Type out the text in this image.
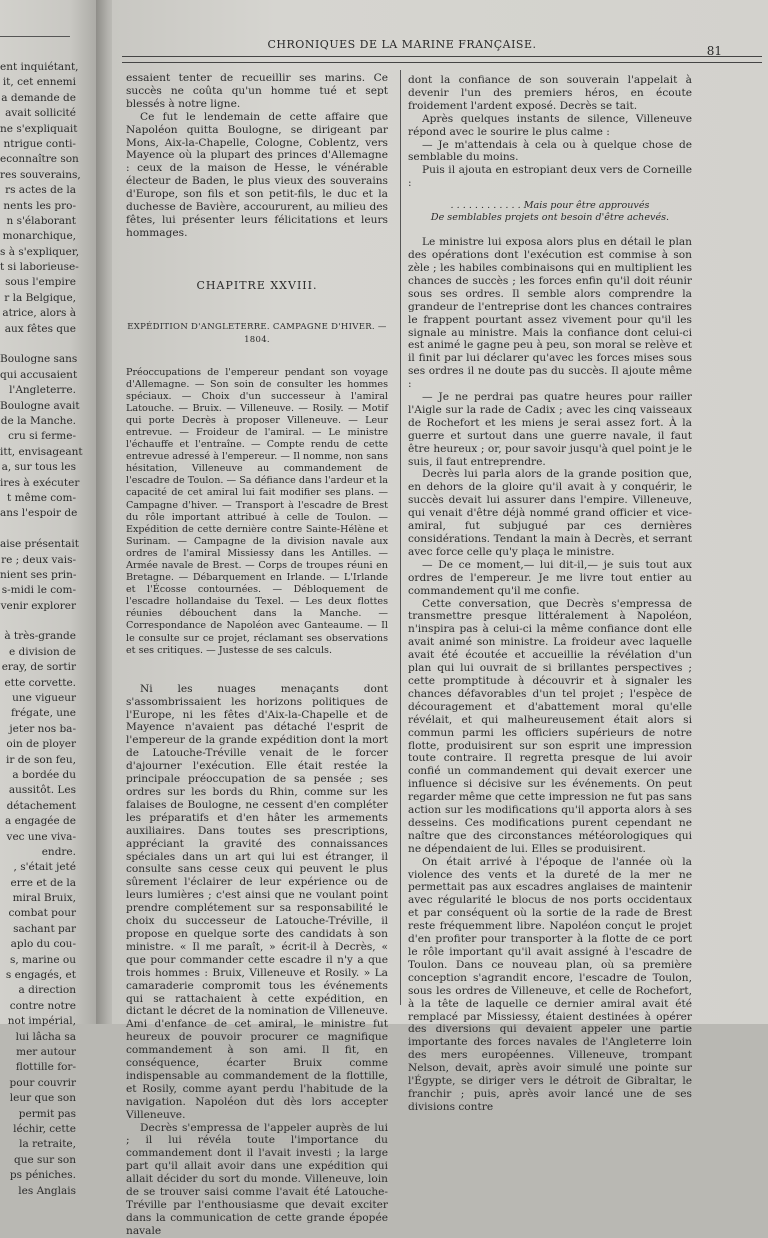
ent inquiétant,
it, cet ennemi
a demande de
avait sollicité
ne s'expliquait
ntrigue conti-
econnaître son
res souverains,
rs actes de la
nents les pro-
n s'élaborant
monarchique,
s à s'expliquer,
t si laborieuse-
sous l'empire
r la Belgique,
atrice, alors à
aux fêtes que

Boulogne sans
qui accusaient
l'Angleterre.
Boulogne avait
de la Manche.
cru si ferme-
itt, envisageant
a, sur tous les
ires à exécuter
t même com-
ans l'espoir de

aise présentait
re ; deux vais-
nient ses prin-
s-midi le com-
venir explorer

à très-grande
e division de
eray, de sortir
ette corvette.
une vigueur
frégate, une
jeter nos ba-
oin de ployer
ir de son feu,
a bordée du
aussitôt. Les
détachement
a engagée de
vec une viva-
endre.
, s'était jeté
erre et de la
miral Bruix,
combat pour
sachant par
aplo du cou-
s, marine ou
s engagés, et
a direction
contre notre
not impérial,
lui lâcha sa
mer autour
flottille for-
pour couvrir
leur que son
permit pas
léchir, cette
la retraite,
que sur son
ps péniches.
les Anglais
CHRONIQUES DE LA MARINE FRANÇAISE.	81

essaient tenter de recueillir ses marins. Ce succès ne coûta qu'un homme tué et sept blessés à notre ligne.

Ce fut le lendemain de cette affaire que Napoléon quitta Boulogne, se dirigeant par Mons, Aix-la-Chapelle, Cologne, Coblentz, vers Mayence où la plupart des princes d'Allemagne : ceux de la maison de Hesse, le vénérable électeur de Baden, le plus vieux des souverains d'Europe, son fils et son petit-fils, le duc et la duchesse de Bavière, accoururent, au milieu des fêtes, lui présenter leurs félicitations et leurs hommages.

CHAPITRE XXVIII.
EXPÉDITION D'ANGLETERRE. CAMPAGNE D'HIVER. — 1804.

Préoccupations de l'empereur pendant son voyage d'Allemagne. — Son soin de consulter les hommes spéciaux. — Choix d'un successeur à l'amiral Latouche. — Bruix. — Villeneuve. — Rosily. — Motif qui porte Decrès à proposer Villeneuve. — Leur entrevue. — Froideur de l'amiral. — Le ministre l'échauffe et l'entraîne. — Compte rendu de cette entrevue adressé à l'empereur. — Il nomme, non sans hésitation, Villeneuve au commandement de l'escadre de Toulon. — Sa défiance dans l'ardeur et la capacité de cet amiral lui fait modifier ses plans. — Campagne d'hiver. — Transport à l'escadre de Brest du rôle important attribué à celle de Toulon. — Expédition de cette dernière contre Sainte-Hélène et Surinam. — Campagne de la division navale aux ordres de l'amiral Missiessy dans les Antilles. — Armée navale de Brest. — Corps de troupes réuni en Bretagne. — Débarquement en Irlande. — L'Irlande et l'Écosse contournées. — Débloquement de l'escadre hollandaise du Texel. — Les deux flottes réunies débouchent dans la Manche. — Correspondance de Napoléon avec Ganteaume. — Il le consulte sur ce projet, réclamant ses observations et ses critiques. — Justesse de ses calculs.

Ni les nuages menaçants dont s'assombrissaient les horizons politiques de l'Europe, ni les fêtes d'Aix-la-Chapelle et de Mayence n'avaient pas détaché l'esprit de l'empereur de la grande expédition dont la mort de Latouche-Tréville venait de le forcer d'ajourner l'exécution. Elle était restée la principale préoccupation de sa pensée ; ses ordres sur les bords du Rhin, comme sur les falaises de Boulogne, ne cessent d'en compléter les préparatifs et d'en hâter les armements auxiliaires. Dans toutes ses prescriptions, appréciant la gravité des connaissances spéciales dans un art qui lui est étranger, il consulte sans cesse ceux qui peuvent le plus sûrement l'éclairer de leur expérience ou de leurs lumières ; c'est ainsi que ne voulant point prendre complétement sur sa responsabilité le choix du successeur de Latouche-Tréville, il propose en quelque sorte des candidats à son ministre. « Il me paraît, » écrit-il à Decrès, « que pour commander cette escadre il n'y a que trois hommes : Bruix, Villeneuve et Rosily. » La camaraderie compromit tous les événements qui se rattachaient à cette expédition, en dictant le décret de la nomination de Villeneuve. Ami d'enfance de cet amiral, le ministre fut heureux de pouvoir procurer ce magnifique commandement à son ami. Il fit, en conséquence, écarter Bruix comme indispensable au commandement de la flottille, et Rosily, comme ayant perdu l'habitude de la navigation. Napoléon dut dès lors accepter Villeneuve.

Decrès s'empressa de l'appeler auprès de lui ; il lui révéla toute l'importance du commandement dont il l'avait investi ; la large part qu'il allait avoir dans une expédition qui allait décider du sort du monde. Villeneuve, loin de se trouver saisi comme l'avait été Latouche-Tréville par l'enthousiasme que devait exciter dans la communication de cette grande épopée navale

dont la confiance de son souverain l'appelait à devenir l'un des premiers héros, en écoute froidement l'ardent exposé. Decrès se tait.

Après quelques instants de silence, Villeneuve répond avec le sourire le plus calme :

— Je m'attendais à cela ou à quelque chose de semblable du moins.

Puis il ajouta en estropiant deux vers de Corneille :

. . . . . . . . . . . . Mais pour être approuvés
De semblables projets ont besoin d'être achevés.

Le ministre lui exposa alors plus en détail le plan des opérations dont l'exécution est commise à son zèle ; les habiles combinaisons qui en multiplient les chances de succès ; les forces enfin qu'il doit réunir sous ses ordres. Il semble alors comprendre la grandeur de l'entreprise dont les chances contraires le frappent pourtant assez vivement pour qu'il les signale au ministre. Mais la confiance dont celui-ci est animé le gagne peu à peu, son moral se relève et il finit par lui déclarer qu'avec les forces mises sous ses ordres il ne doute pas du succès. Il ajoute même :

— Je ne perdrai pas quatre heures pour railler l'Aigle sur la rade de Cadix ; avec les cinq vaisseaux de Rochefort et les miens je serai assez fort. À la guerre et surtout dans une guerre navale, il faut être heureux ; or, pour savoir jusqu'à quel point je le suis, il faut entreprendre.

Decrès lui parla alors de la grande position que, en dehors de la gloire qu'il avait à y conquérir, le succès devait lui assurer dans l'empire. Villeneuve, qui venait d'être déjà nommé grand officier et vice-amiral, fut subjugué par ces dernières considérations. Tendant la main à Decrès, et serrant avec force celle qu'y plaça le ministre.

— De ce moment,— lui dit-il,— je suis tout aux ordres de l'empereur. Je me livre tout entier au commandement qu'il me confie.

Cette conversation, que Decrès s'empressa de transmettre presque littéralement à Napoléon, n'inspira pas à celui-ci la même confiance dont elle avait animé son ministre. La froideur avec laquelle avait été écoutée et accueillie la révélation d'un plan qui lui ouvrait de si brillantes perspectives ; cette promptitude à découvrir et à signaler les chances défavorables d'un tel projet ; l'espèce de découragement et d'abattement moral qu'elle révélait, et qui malheureusement était alors si commun parmi les officiers supérieurs de notre flotte, produisirent sur son esprit une impression toute contraire. Il regretta presque de lui avoir confié un commandement qui devait exercer une influence si décisive sur les événements. On peut regarder même que cette impression ne fut pas sans action sur les modifications qu'il apporta alors à ses desseins. Ces modifications purent cependant ne naître que des circonstances météorologiques qui ne dépendaient de lui. Elles se produisirent.

On était arrivé à l'époque de l'année où la violence des vents et la dureté de la mer ne permettait pas aux escadres anglaises de maintenir avec régularité le blocus de nos ports occidentaux et par conséquent où la sortie de la rade de Brest reste fréquemment libre. Napoléon conçut le projet d'en profiter pour transporter à la flotte de ce port le rôle important qu'il avait assigné à l'escadre de Toulon. Dans ce nouveau plan, où sa première conception s'agrandit encore, l'escadre de Toulon, sous les ordres de Villeneuve, et celle de Rochefort, à la tête de laquelle ce dernier amiral avait été remplacé par Missiessy, étaient destinées à opérer des diversions qui devaient appeler une partie importante des forces navales de l'Angleterre loin des mers européennes. Villeneuve, trompant Nelson, devait, après avoir simulé une pointe sur l'Égypte, se diriger vers le détroit de Gibraltar, le franchir ; puis, après avoir lancé une de ses divisions contre
